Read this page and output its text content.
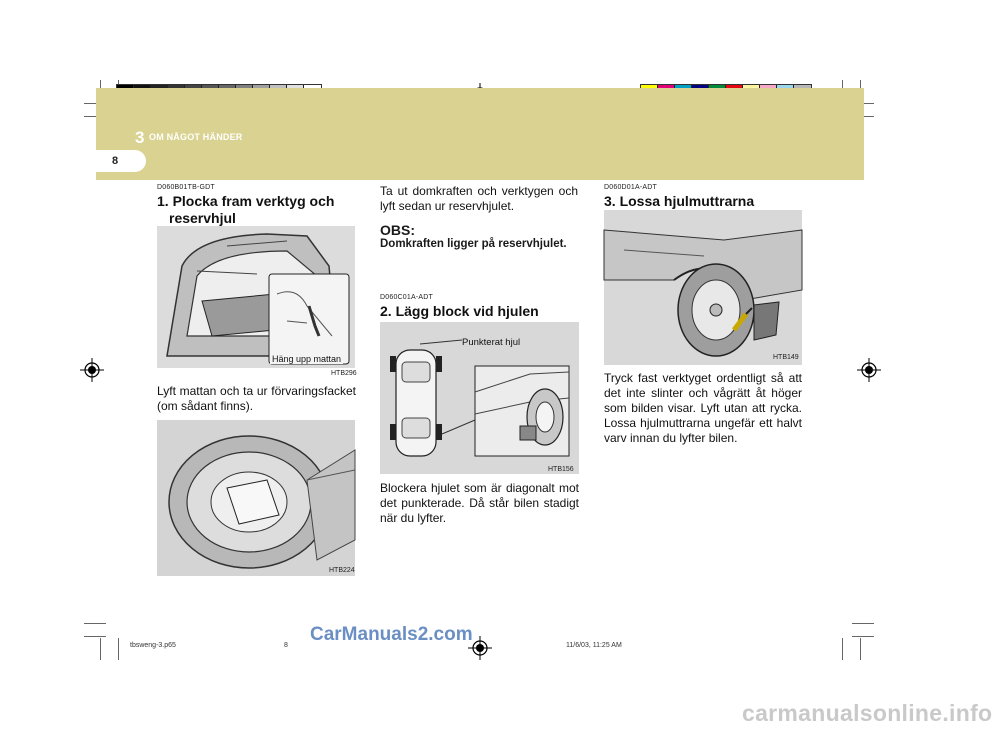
3 OM NÅGOT HÄNDER
8
D060B01TB-GDT
1. Plocka fram verktyg och
reservhjul
Häng upp mattan
HTB296
Lyft mattan och ta ur förvaringsfacket (om sådant finns).
HTB224
Ta ut domkraften och verktygen och lyft sedan ur reservhjulet.
OBS:
Domkraften ligger på reservhjulet.
D060C01A-ADT
2. Lägg block vid hjulen
Punkterat hjul
HTB156
Blockera hjulet som är diagonalt mot det punkterade. Då står bilen stadigt när du lyfter.
D060D01A-ADT
3. Lossa hjulmuttrarna
HTB149
Tryck fast verktyget ordentligt så att det inte slinter och vågrätt åt höger som bilden visar. Lyft utan att rycka. Lossa hjulmuttrarna ungefär ett halvt varv innan du lyfter bilen.
tbsweng-3.p65	8	11/6/03, 11:25 AM
CarManuals2.com
carmanualsonline.info
